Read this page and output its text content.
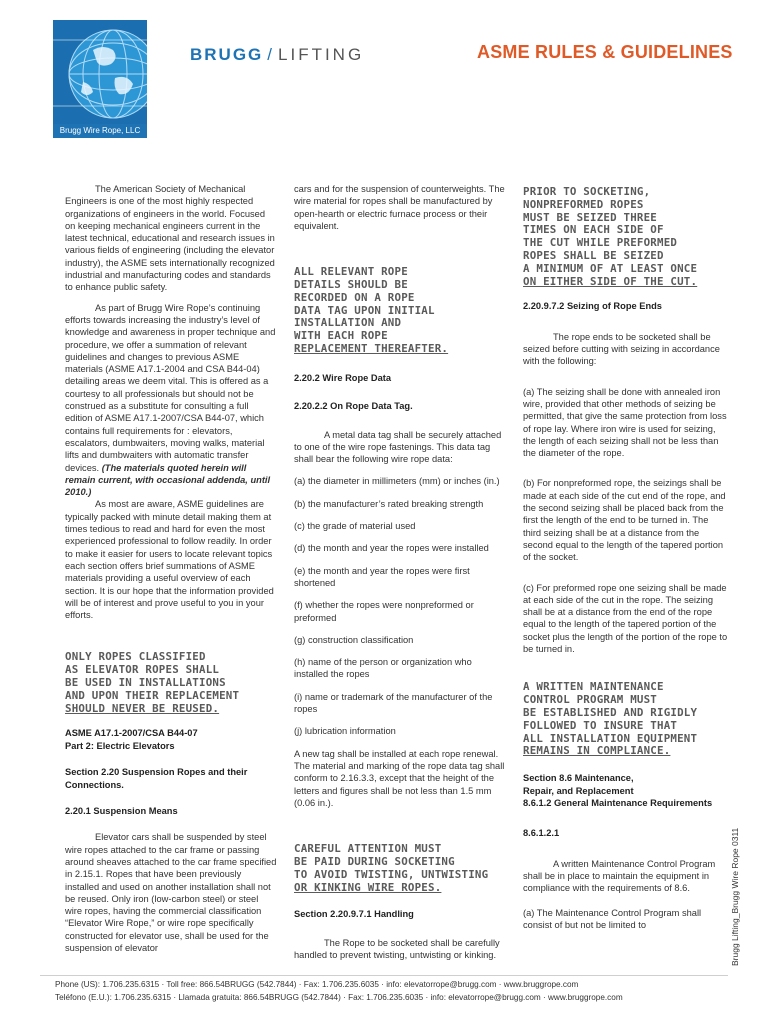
Brugg Wire Rope, LLC
BRUGG / LIFTING	ASME RULES & GUIDELINES

The American Society of Mechanical Engineers is one of the most highly respected organizations of engineers in the world. Focused on keeping mechanical engineers current in the latest technical, educational and research issues in various fields of engineering (including the elevator industry), the ASME sets internationally recognized industrial and manufacturing codes and standards to enhance public safety.

As part of Brugg Wire Rope’s continuing efforts towards increasing the industry’s level of knowledge and awareness in proper technique and procedure, we offer a summation of relevant guidelines and changes to previous ASME materials (ASME A17.1-2004 and CSA B44-04) detailing areas we deem vital. This is offered as a courtesy to all professionals but should not be construed as a substitute for consulting a full edition of ASME A17.1-2007/CSA B44-07, which contains full requirements for : elevators, escalators, dumbwaiters, moving walks, material lifts and dumbwaiters with automatic transfer devices. (The materials quoted herein will remain current, with occasional addenda, until 2010.)

As most are aware, ASME guidelines are typically packed with minute detail making them at times tedious to read and hard for even the most experienced professional to follow readily. In order to make it easier for users to locate relevant topics each section offers brief summations of ASME materials providing a useful overview of each section. It is our hope that the information provided will be of interest and prove useful to you in your efforts.

ONLY ROPES CLASSIFIED
AS ELEVATOR ROPES SHALL
BE USED IN INSTALLATIONS
AND UPON THEIR REPLACEMENT
SHOULD NEVER BE REUSED.
ASME A17.1-2007/CSA B44-07
Part 2: Electric Elevators
Section 2.20 Suspension Ropes and their Connections.
2.20.1 Suspension Means

Elevator cars shall be suspended by steel wire ropes attached to the car frame or passing around sheaves attached to the car frame specified in 2.15.1. Ropes that have been previously installed and used on another installation shall not be reused. Only iron (low-carbon steel) or steel wire ropes, having the commercial classification “Elevator Wire Rope,” or wire rope specifically constructed for elevator use, shall be used for the suspension of elevator

cars and for the suspension of counterweights. The wire material for ropes shall be manufactured by open-hearth or electric furnace process or their equivalent.

ALL RELEVANT ROPE
DETAILS SHOULD BE
RECORDED ON A ROPE
DATA TAG UPON INITIAL
INSTALLATION AND
WITH EACH ROPE
REPLACEMENT THEREAFTER.
2.20.2 Wire Rope Data
2.20.2.2 On Rope Data Tag.

A metal data tag shall be securely attached to one of the wire rope fastenings. This data tag shall bear the following wire rope data:

(a) the diameter in millimeters (mm) or inches (in.)
(b) the manufacturer’s rated breaking strength
(c) the grade of material used
(d) the month and year the ropes were installed
(e) the month and year the ropes were first shortened
(f) whether the ropes were nonpreformed or preformed
(g) construction classification
(h) name of the person or organization who installed the ropes
(i) name or trademark of the manufacturer of the ropes
(j) lubrication information

A new tag shall be installed at each rope renewal. The material and marking of the rope data tag shall conform to 2.16.3.3, except that the height of the letters and figures shall be not less than 1.5 mm (0.06 in.).

CAREFUL ATTENTION MUST
BE PAID DURING SOCKETING
TO AVOID TWISTING, UNTWISTING
OR KINKING WIRE ROPES.
Section 2.20.9.7.1 Handling

The Rope to be socketed shall be carefully handled to prevent twisting, untwisting or kinking.

PRIOR TO SOCKETING,
NONPREFORMED ROPES
MUST BE SEIZED THREE
TIMES ON EACH SIDE OF
THE CUT WHILE PREFORMED
ROPES SHALL BE SEIZED
A MINIMUM OF AT LEAST ONCE
ON EITHER SIDE OF THE CUT.
2.20.9.7.2 Seizing of Rope Ends

The rope ends to be socketed shall be seized before cutting with seizing in accordance with the following:

(a) The seizing shall be done with annealed iron wire, provided that other methods of seizing be permitted, that give the same protection from loss of rope lay. Where iron wire is used for seizing, the length of each seizing shall not be less than the diameter of the rope.

(b) For nonpreformed rope, the seizings shall be made at each side of the cut end of the rope, and the second seizing shall be placed back from the first the length of the end to be turned in. The third seizing shall be at a distance from the second equal to the length of the tapered portion of the socket.

(c) For preformed rope one seizing shall be made at each side of the cut in the rope. The seizing shall be at a distance from the end of the rope equal to the length of the tapered portion of the socket plus the length of the portion of the rope to be turned in.

A WRITTEN MAINTENANCE
CONTROL PROGRAM MUST
BE ESTABLISHED AND RIGIDLY
FOLLOWED TO INSURE THAT
ALL INSTALLATION EQUIPMENT
REMAINS IN COMPLIANCE.
Section 8.6 Maintenance,
Repair, and Replacement
8.6.1.2 General Maintenance Requirements
8.6.1.2.1

A written Maintenance Control Program shall be in place to maintain the equipment in compliance with the requirements of 8.6.

(a) The Maintenance Control Program shall consist of but not be limited to	Brugg Lifting_Brugg Wire Rope 0311
Phone (US): 1.706.235.6315 · Toll free: 866.54BRUGG (542.7844) · Fax: 1.706.235.6035 · info: elevatorrope@brugg.com · www.bruggrope.com
Teléfono (E.U.): 1.706.235.6315 · Llamada gratuita: 866.54BRUGG (542.7844) · Fax: 1.706.235.6035 · info: elevatorrope@brugg.com · www.bruggrope.com
